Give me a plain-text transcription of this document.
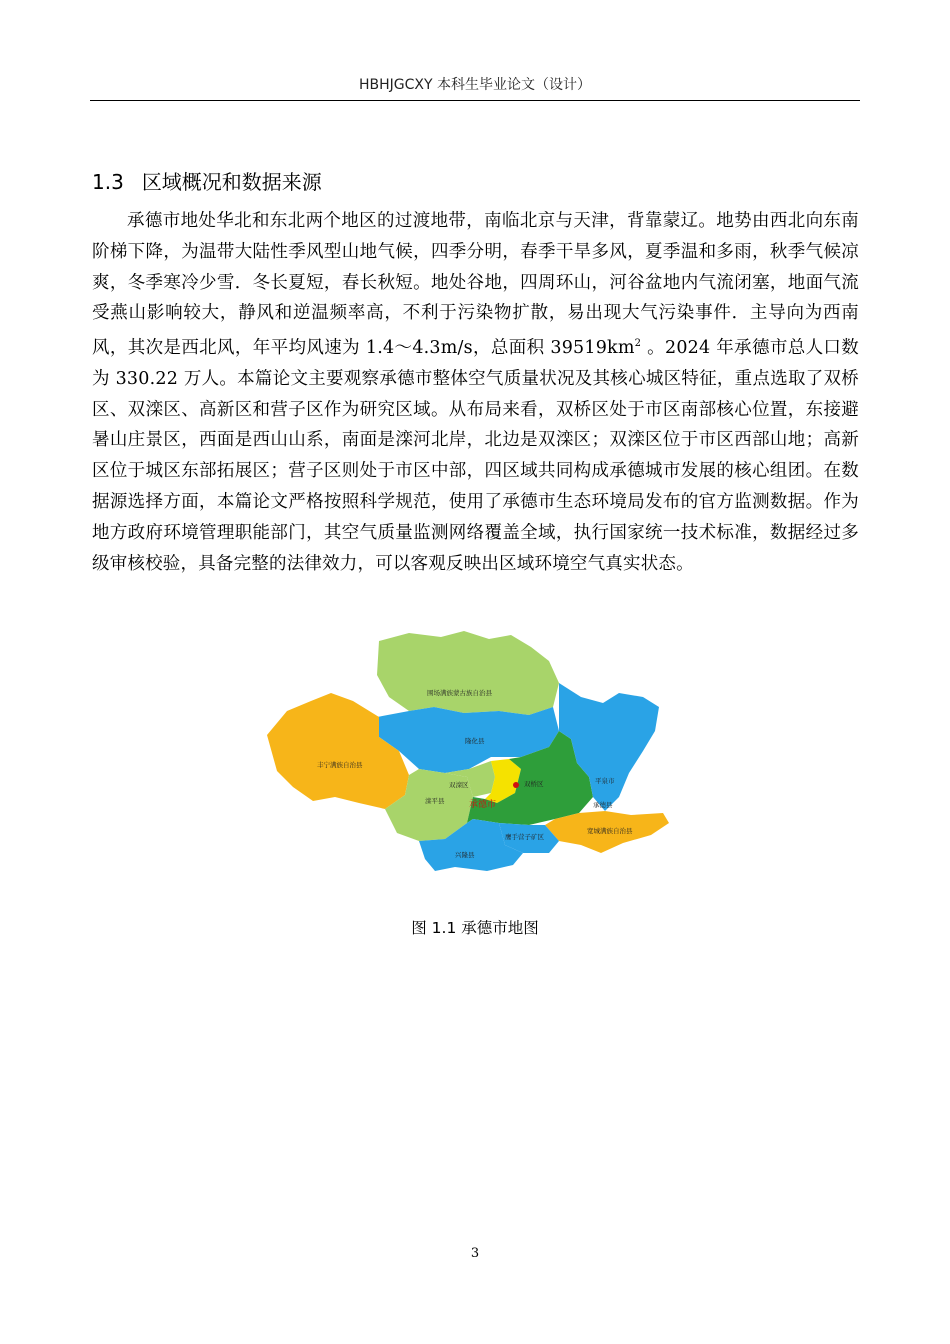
HBHJGCXY 本科生毕业论文（设计）
1.3 区域概况和数据来源
承德市地处华北和东北两个地区的过渡地带，南临北京与天津，背靠蒙辽。地势由西北向东南阶梯下降，为温带大陆性季风型山地气候，四季分明，春季干旱多风，夏季温和多雨，秋季气候凉爽，冬季寒冷少雪．冬长夏短，春长秋短。地处谷地，四周环山，河谷盆地内气流闭塞，地面气流受燕山影响较大，静风和逆温频率高，不利于污染物扩散，易出现大气污染事件．主导向为西南风，其次是西北风，年平均风速为 1.4～4.3m/s，总面积 $39519km^2$ 。2024 年承德市总人口数为 330.22 万人。本篇论文主要观察承德市整体空气质量状况及其核心城区特征，重点选取了双桥区、双滦区、高新区和营子区作为研究区域。从布局来看，双桥区处于市区南部核心位置，东接避暑山庄景区，西面是西山山系，南面是滦河北岸，北边是双滦区；双滦区位于市区西部山地；高新区位于城区东部拓展区；营子区则处于市区中部，四区域共同构成承德城市发展的核心组团。在数据源选择方面，本篇论文严格按照科学规范，使用了承德市生态环境局发布的官方监测数据。作为地方政府环境管理职能部门，其空气质量监测网络覆盖全域，执行国家统一技术标准，数据经过多级审核校验，具备完整的法律效力，可以客观反映出区域环境空气真实状态。
围场满族蒙古族自治县
隆化县
丰宁满族自治县
双滦区
滦平县	承德市
双桥区	平泉市
承德县
宽城满族自治县
鹰手营子矿区
兴隆县
图 1.1 承德市地图
3
